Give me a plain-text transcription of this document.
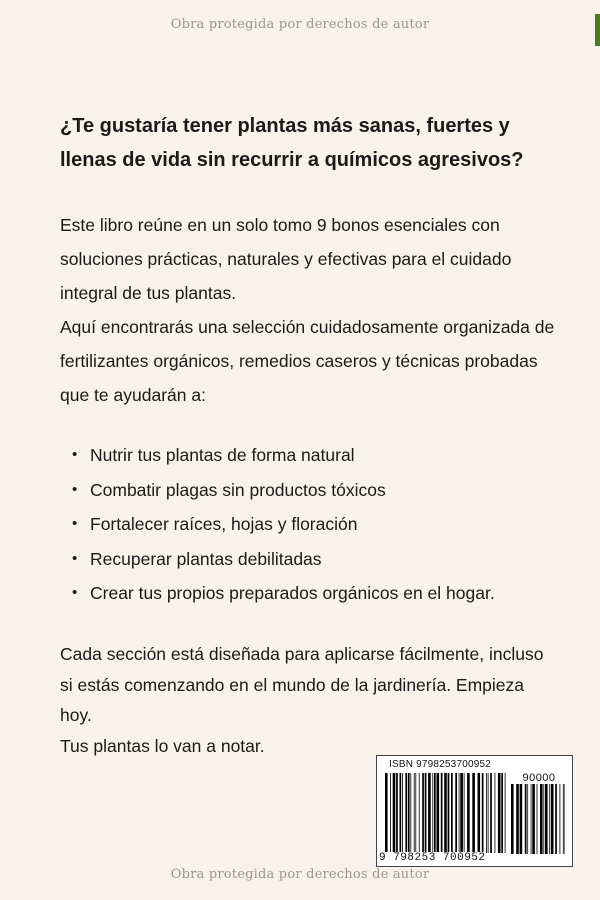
Obra protegida por derechos de autor

¿Te gustaría tener plantas más sanas, fuertes y llenas de vida sin recurrir a químicos agresivos?

Este libro reúne en un solo tomo 9 bonos esenciales con soluciones prácticas, naturales y efectivas para el cuidado integral de tus plantas.

Aquí encontrarás una selección cuidadosamente organizada de fertilizantes orgánicos, remedios caseros y técnicas probadas que te ayudarán a:

• Nutrir tus plantas de forma natural
• Combatir plagas sin productos tóxicos
• Fortalecer raíces, hojas y floración
• Recuperar plantas debilitadas
• Crear tus propios preparados orgánicos en el hogar.
Cada sección está diseñada para aplicarse fácilmente, incluso si estás comenzando en el mundo de la jardinería. Empieza hoy.
Tus plantas lo van a notar.
ISBN 9798253700952
90000
9 798253 700952
Obra protegida por derechos de autor
